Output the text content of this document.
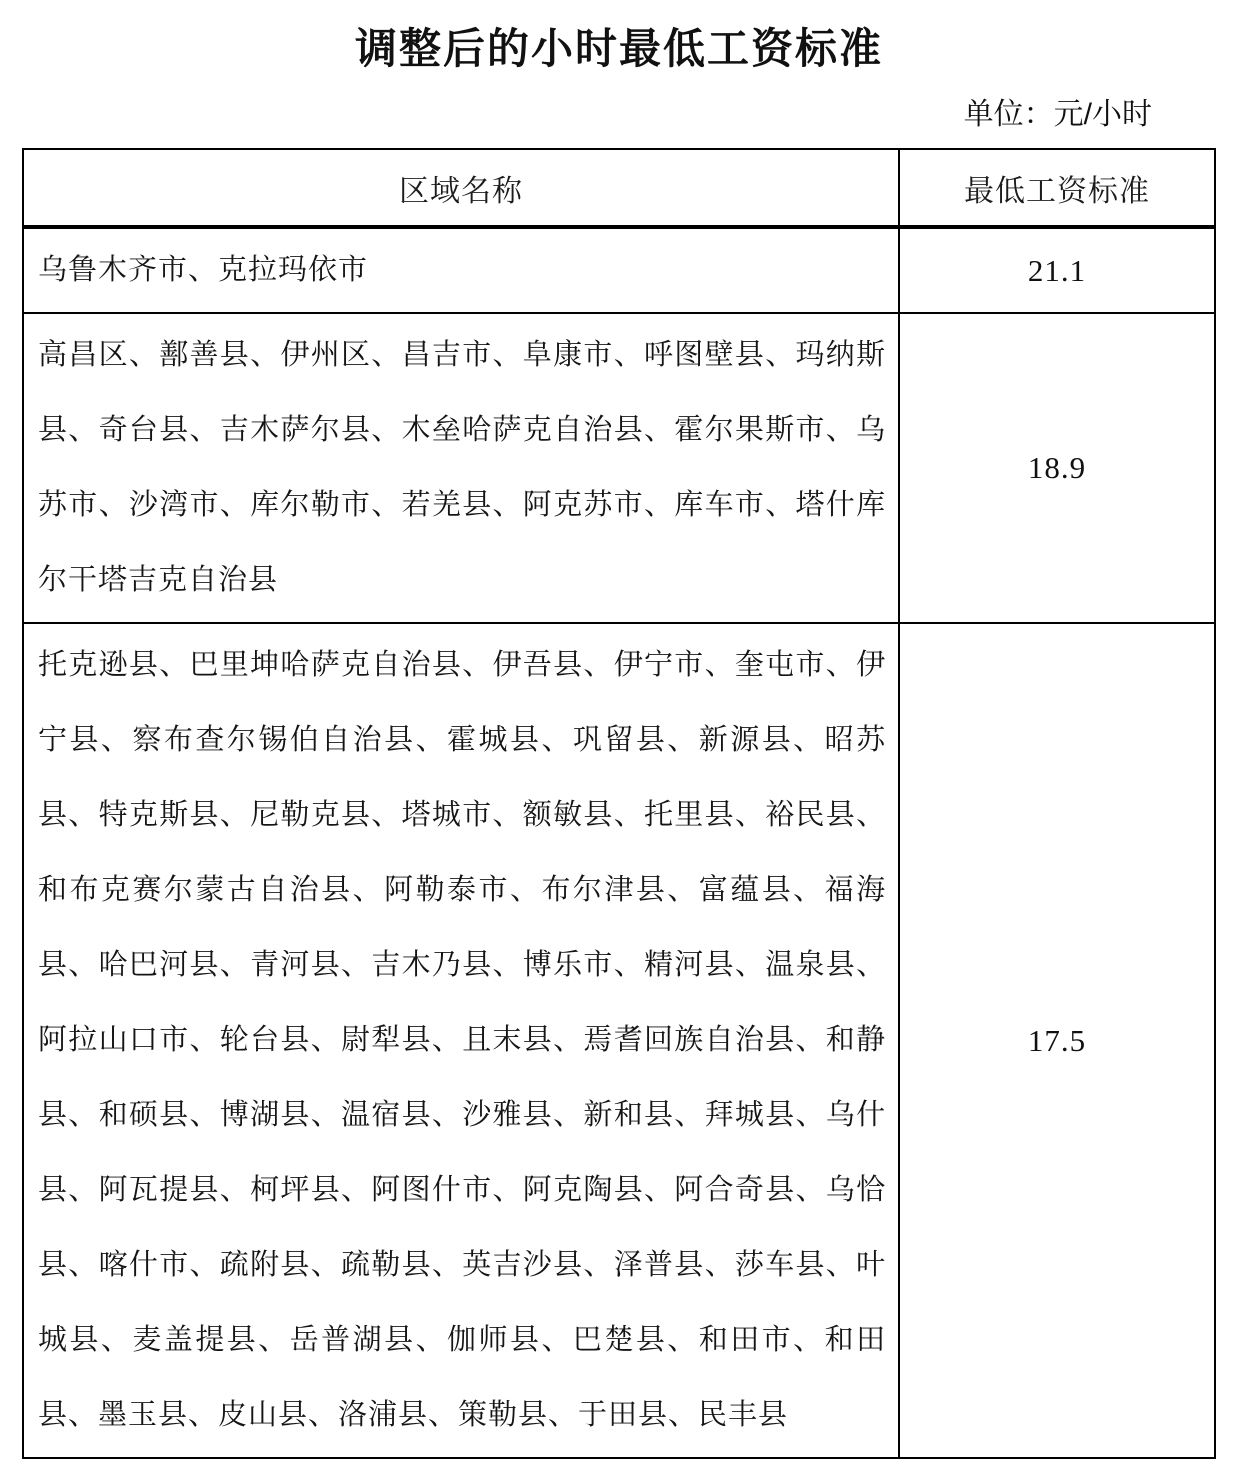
调整后的小时最低工资标准
单位：元/小时
区域名称	最低工资标准
乌鲁木齐市、克拉玛依市	21.1
高昌区、鄯善县、伊州区、昌吉市、阜康市、呼图壁县、玛纳斯县、奇台县、吉木萨尔县、木垒哈萨克自治县、霍尔果斯市、乌苏市、沙湾市、库尔勒市、若羌县、阿克苏市、库车市、塔什库尔干塔吉克自治县	18.9
托克逊县、巴里坤哈萨克自治县、伊吾县、伊宁市、奎屯市、伊宁县、察布查尔锡伯自治县、霍城县、巩留县、新源县、昭苏县、特克斯县、尼勒克县、塔城市、额敏县、托里县、裕民县、和布克赛尔蒙古自治县、阿勒泰市、布尔津县、富蕴县、福海县、哈巴河县、青河县、吉木乃县、博乐市、精河县、温泉县、阿拉山口市、轮台县、尉犁县、且末县、焉耆回族自治县、和静县、和硕县、博湖县、温宿县、沙雅县、新和县、拜城县、乌什县、阿瓦提县、柯坪县、阿图什市、阿克陶县、阿合奇县、乌恰县、喀什市、疏附县、疏勒县、英吉沙县、泽普县、莎车县、叶城县、麦盖提县、岳普湖县、伽师县、巴楚县、和田市、和田县、墨玉县、皮山县、洛浦县、策勒县、于田县、民丰县	17.5
